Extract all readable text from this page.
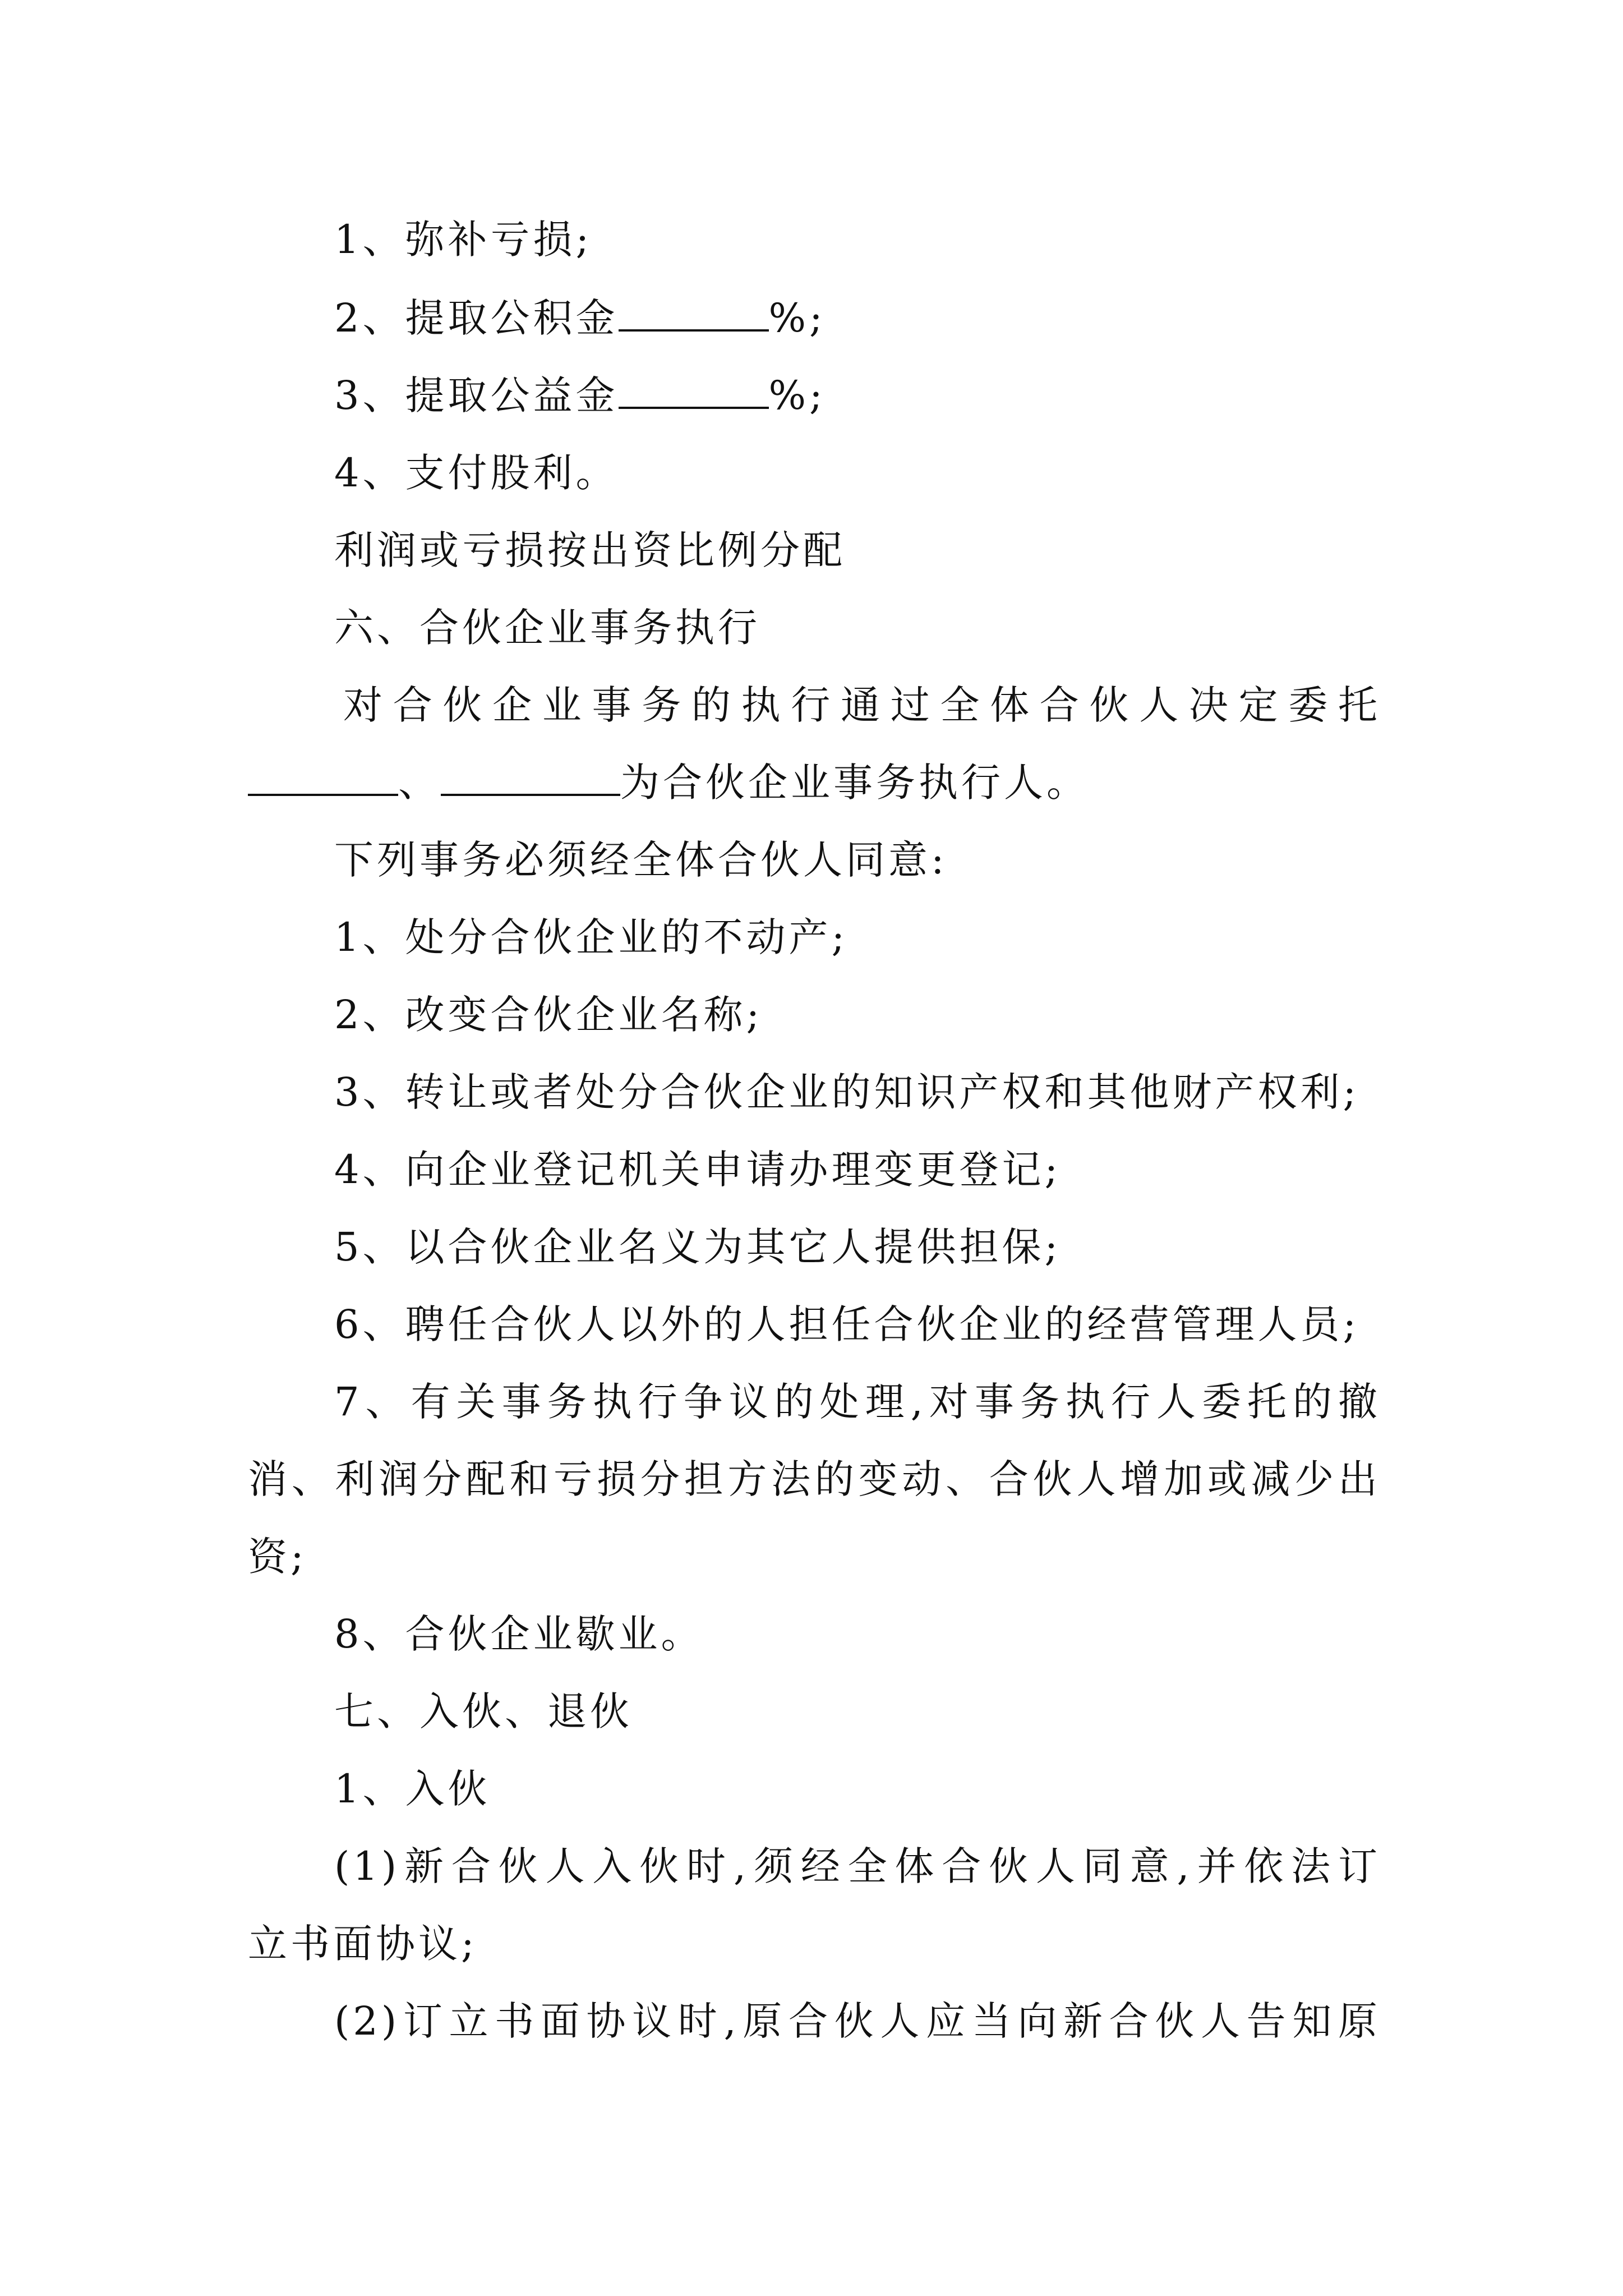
1、弥补亏损;
2、提取公积金	%;
3、提取公益金	%;
4、支付股利。
利润或亏损按出资比例分配
六、合伙企业事务执行
对合伙企业事务的执行通过全体合伙人决定委托
、	为合伙企业事务执行人。
下列事务必须经全体合伙人同意:
1、处分合伙企业的不动产;
2、改变合伙企业名称;
3、转让或者处分合伙企业的知识产权和其他财产权利;
4、向企业登记机关申请办理变更登记;
5、以合伙企业名义为其它人提供担保;
6、聘任合伙人以外的人担任合伙企业的经营管理人员;
7、有关事务执行争议的处理,对事务执行人委托的撤
消、利润分配和亏损分担方法的变动、合伙人增加或减少出
资;
8、合伙企业歇业。
七、入伙、退伙
1、入伙
(1)新合伙人入伙时,须经全体合伙人同意,并依法订
立书面协议;
(2)订立书面协议时,原合伙人应当向新合伙人告知原
